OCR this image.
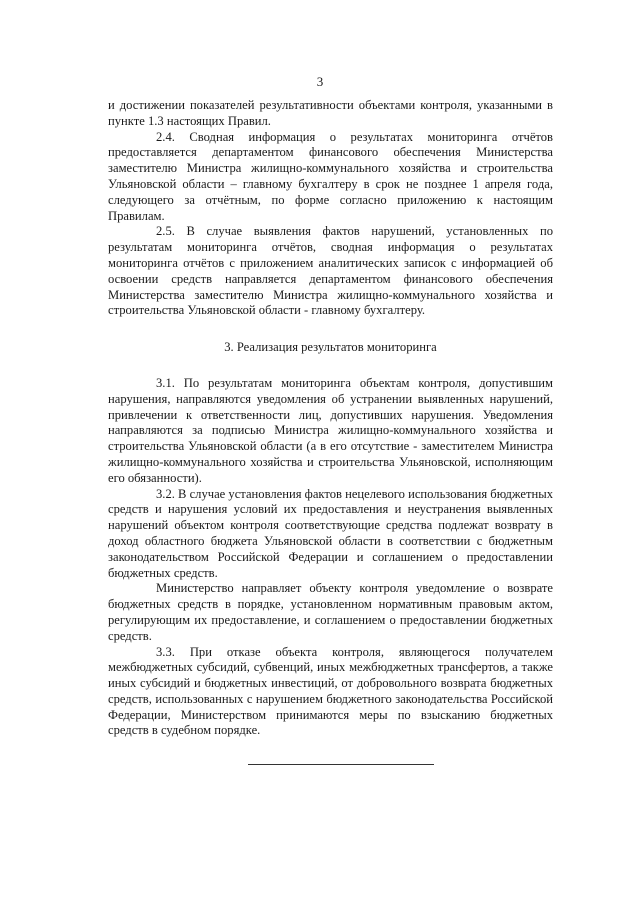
3

и достижении показателей результативности объектами контроля, указанными в пункте 1.3 настоящих Правил.

2.4. Сводная информация о результатах мониторинга отчётов предоставляется департаментом финансового обеспечения Министерства заместителю Министра жилищно-коммунального хозяйства и строительства Ульяновской области – главному бухгалтеру в срок не позднее 1 апреля года, следующего за отчётным, по форме согласно приложению к настоящим Правилам.

2.5. В случае выявления фактов нарушений, установленных по результатам мониторинга отчётов, сводная информация о результатах мониторинга отчётов с приложением аналитических записок с информацией об освоении средств направляется департаментом финансового обеспечения Министерства заместителю Министра жилищно-коммунального хозяйства и строительства Ульяновской области - главному бухгалтеру.

3. Реализация результатов мониторинга

3.1. По результатам мониторинга объектам контроля, допустившим нарушения, направляются уведомления об устранении выявленных нарушений, привлечении к ответственности лиц, допустивших нарушения. Уведомления направляются за подписью Министра жилищно-коммунального хозяйства и строительства Ульяновской области (а в его отсутствие - заместителем Министра жилищно-коммунального хозяйства и строительства Ульяновской, исполняющим его обязанности).

3.2. В случае установления фактов нецелевого использования бюджетных средств и нарушения условий их предоставления и неустранения выявленных нарушений объектом контроля соответствующие средства подлежат возврату в доход областного бюджета Ульяновской области в соответствии с бюджетным законодательством Российской Федерации и соглашением о предоставлении бюджетных средств.

Министерство направляет объекту контроля уведомление о возврате бюджетных средств в порядке, установленном нормативным правовым актом, регулирующим их предоставление, и соглашением о предоставлении бюджетных средств.

3.3. При отказе объекта контроля, являющегося получателем межбюджетных субсидий, субвенций, иных межбюджетных трансфертов, а также иных субсидий и бюджетных инвестиций, от добровольного возврата бюджетных средств, использованных с нарушением бюджетного законодательства Российской Федерации, Министерством принимаются меры по взысканию бюджетных средств в судебном порядке.
